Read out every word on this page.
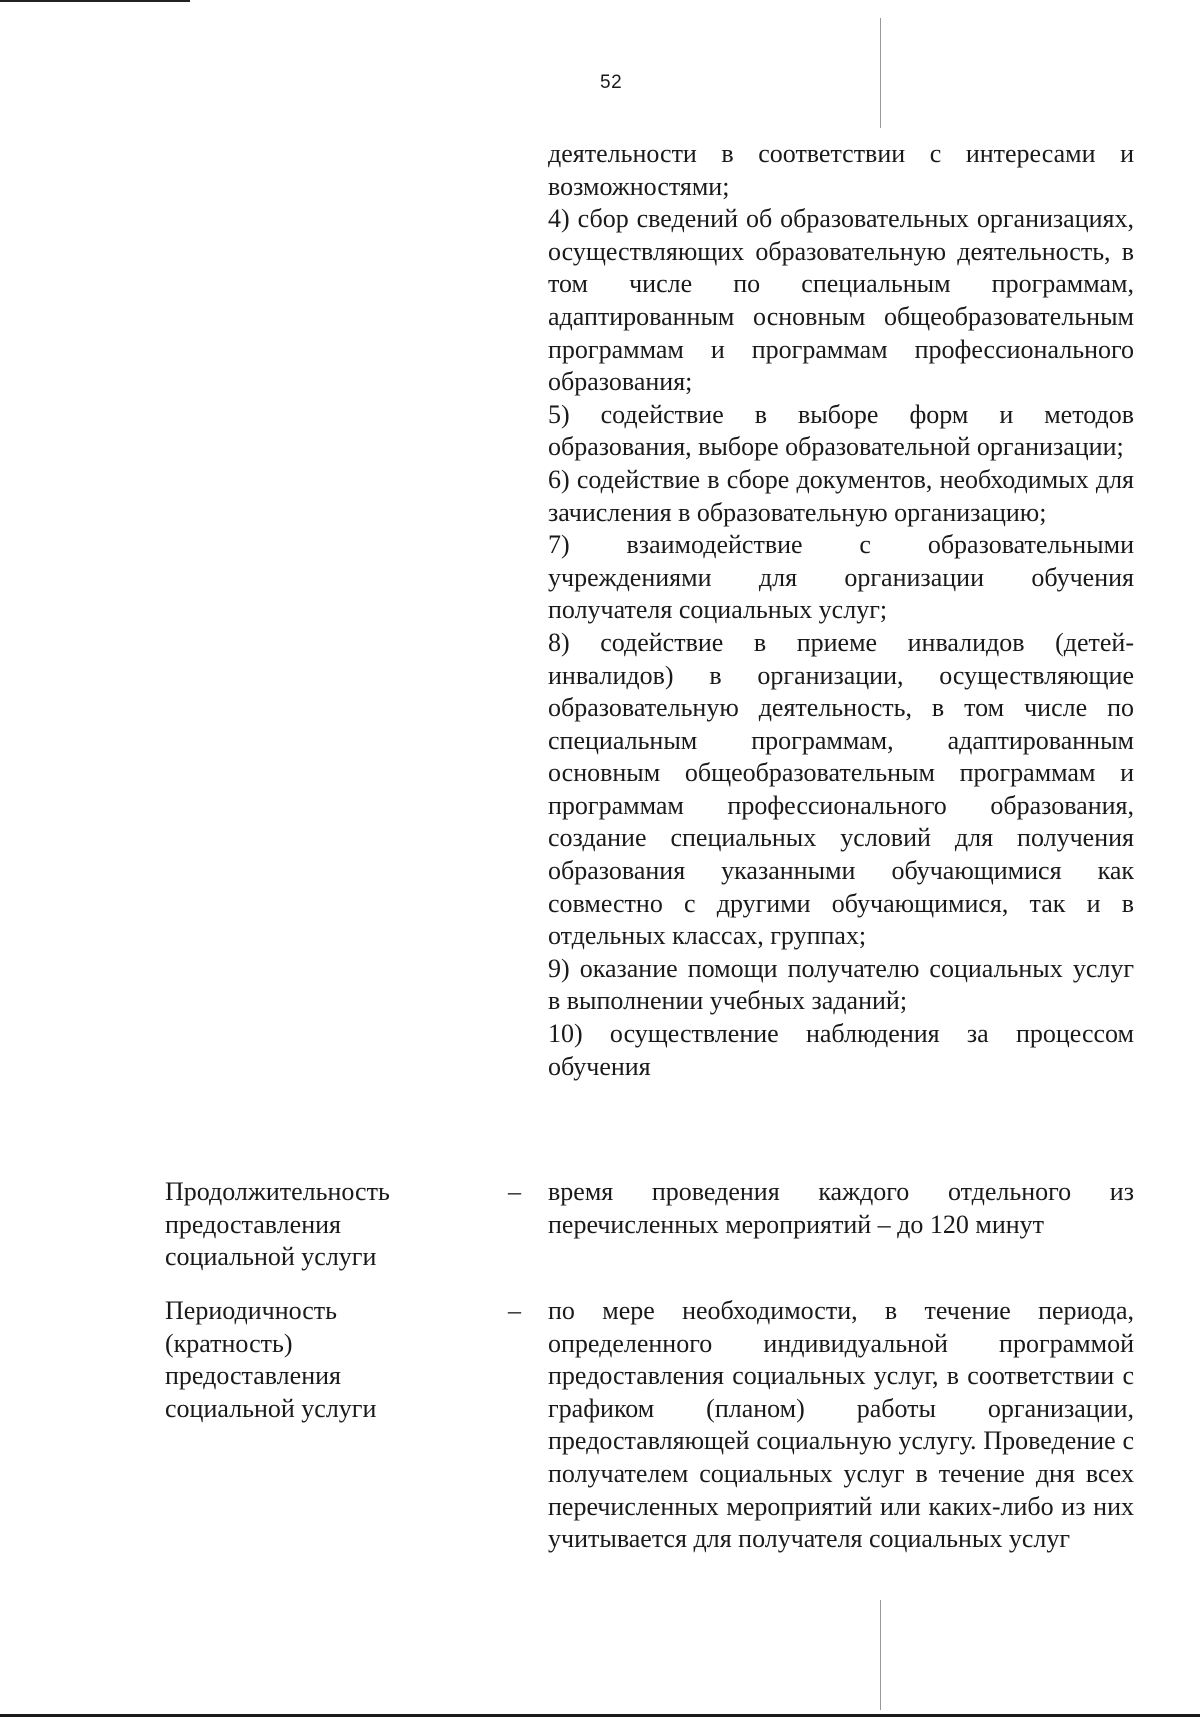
52

деятельности в соответствии с интересами и возможностями;

4) сбор сведений об образовательных организациях, осуществляющих образовательную деятельность, в том числе по специальным программам, адаптированным основным общеобразовательным программам и программам профессионального образования;

5) содействие в выборе форм и методов образования, выборе образовательной организации;

6) содействие в сборе документов, необходимых для зачисления в образовательную организацию;

7) взаимодействие с образовательными учреждениями для организации обучения получателя социальных услуг;

8) содействие в приеме инвалидов (детей-инвалидов) в организации, осуществляющие образовательную деятельность, в том числе по специальным программам, адаптированным основным общеобразовательным программам и программам профессионального образования, создание специальных условий для получения образования указанными обучающимися как совместно с другими обучающимися, так и в отдельных классах, группах;

9) оказание помощи получателю социальных услуг в выполнении учебных заданий;

10) осуществление наблюдения за процессом обучения

Продолжительность предоставления социальной услуги
– время проведения каждого отдельного из перечисленных мероприятий – до 120 минут
Периодичность (кратность) предоставления социальной услуги
– по мере необходимости, в течение периода, определенного индивидуальной программой предоставления социальных услуг, в соответствии с графиком (планом) работы организации, предоставляющей социальную услугу. Проведение с получателем социальных услуг в течение дня всех перечисленных мероприятий или каких-либо из них учитывается для получателя социальных услуг
